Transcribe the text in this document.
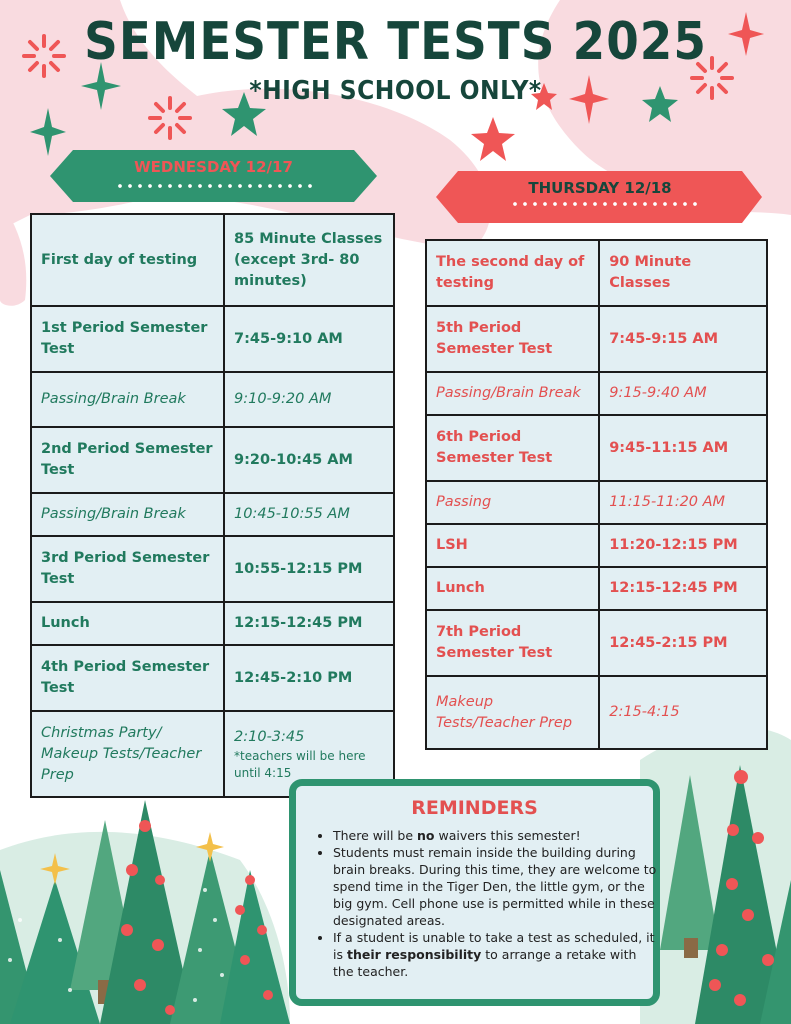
SEMESTER TESTS 2025
*HIGH SCHOOL ONLY*
WEDNESDAY 12/17
THURSDAY 12/18
First day of testing	85 Minute Classes (except 3rd- 80 minutes)
1st Period Semester Test	7:45-9:10 AM
Passing/Brain Break	9:10-9:20 AM
2nd Period Semester Test	9:20-10:45 AM
Passing/Brain Break	10:45-10:55 AM
3rd Period Semester Test	10:55-12:15 PM
Lunch	12:15-12:45 PM
4th Period Semester Test	12:45-2:10 PM
Christmas Party/ Makeup Tests/Teacher Prep	2:10-3:45
*teachers will be here until 4:15
The second day of testing	90 Minute Classes
5th Period Semester Test	7:45-9:15 AM
Passing/Brain Break	9:15-9:40 AM
6th Period Semester Test	9:45-11:15 AM
Passing	11:15-11:20 AM
LSH	11:20-12:15 PM
Lunch	12:15-12:45 PM
7th Period Semester Test	12:45-2:15 PM
Makeup Tests/Teacher Prep	2:15-4:15
REMINDERS
• There will be no waivers this semester!
• Students must remain inside the building during brain breaks. During this time, they are welcome to spend time in the Tiger Den, the little gym, or the big gym. Cell phone use is permitted while in these designated areas.
• If a student is unable to take a test as scheduled, it is their responsibility to arrange a retake with the teacher.
